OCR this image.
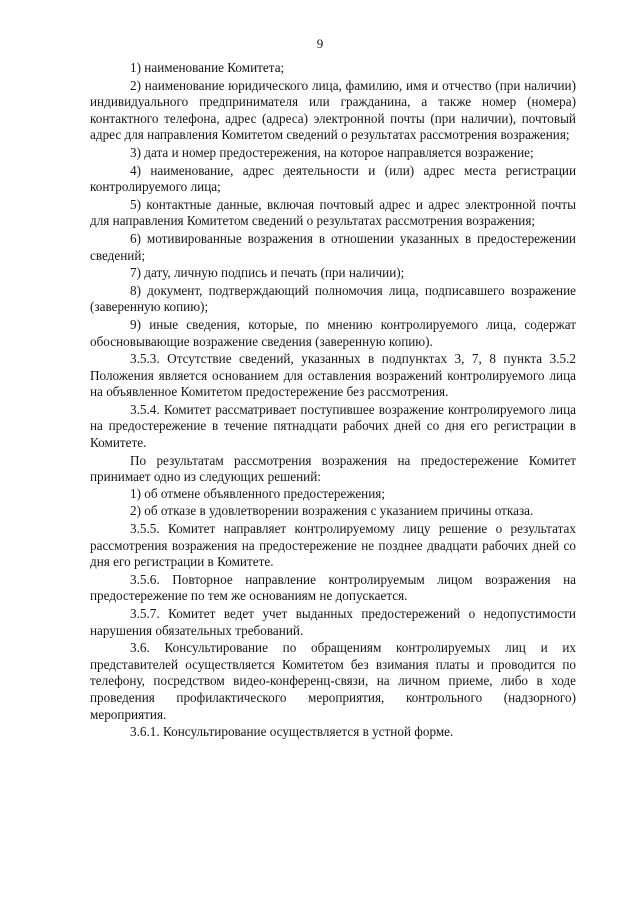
9

1) наименование Комитета;

2) наименование юридического лица, фамилию, имя и отчество (при наличии) индивидуального предпринимателя или гражданина, а также номер (номера) контактного телефона, адрес (адреса) электронной почты (при наличии), почтовый адрес для направления Комитетом сведений о результатах рассмотрения возражения;

3) дата и номер предостережения, на которое направляется возражение;

4) наименование, адрес деятельности и (или) адрес места регистрации контролируемого лица;

5) контактные данные, включая почтовый адрес и адрес электронной почты для направления Комитетом сведений о результатах рассмотрения возражения;

6) мотивированные возражения в отношении указанных в предостережении сведений;

7) дату, личную подпись и печать (при наличии);

8) документ, подтверждающий полномочия лица, подписавшего возражение (заверенную копию);

9) иные сведения, которые, по мнению контролируемого лица, содержат обосновывающие возражение сведения (заверенную копию).

3.5.3. Отсутствие сведений, указанных в подпунктах 3, 7, 8 пункта 3.5.2 Положения является основанием для оставления возражений контролируемого лица на объявленное Комитетом предостережение без рассмотрения.

3.5.4. Комитет рассматривает поступившее возражение контролируемого лица на предостережение в течение пятнадцати рабочих дней со дня его регистрации в Комитете.

По результатам рассмотрения возражения на предостережение Комитет принимает одно из следующих решений:

1) об отмене объявленного предостережения;

2) об отказе в удовлетворении возражения с указанием причины отказа.

3.5.5. Комитет направляет контролируемому лицу решение о результатах рассмотрения возражения на предостережение не позднее двадцати рабочих дней со дня его регистрации в Комитете.

3.5.6. Повторное направление контролируемым лицом возражения на предостережение по тем же основаниям не допускается.

3.5.7. Комитет ведет учет выданных предостережений о недопустимости нарушения обязательных требований.

3.6. Консультирование по обращениям контролируемых лиц и их представителей осуществляется Комитетом без взимания платы и проводится по телефону, посредством видео-конференц-связи, на личном приеме, либо в ходе проведения профилактического мероприятия, контрольного (надзорного) мероприятия.

3.6.1. Консультирование осуществляется в устной форме.
